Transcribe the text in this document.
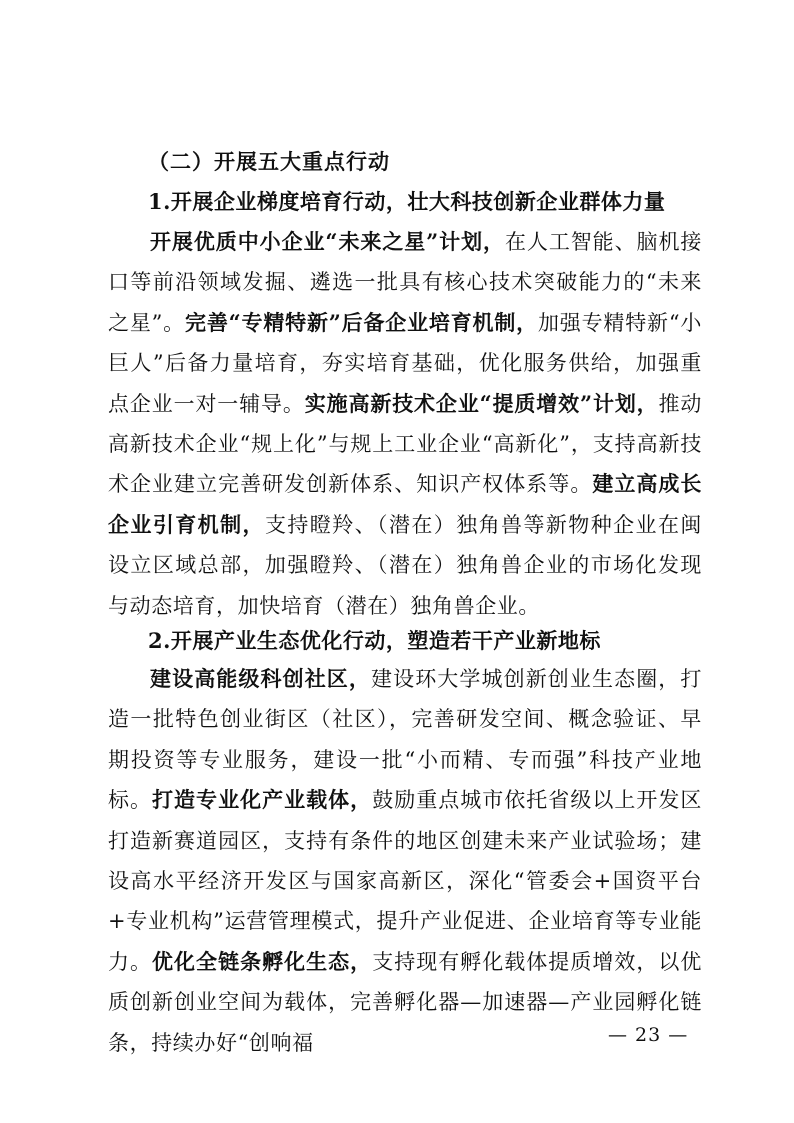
（二）开展五大重点行动
1.开展企业梯度培育行动，壮大科技创新企业群体力量

开展优质中小企业“未来之星”计划，在人工智能、脑机接口等前沿领域发掘、遴选一批具有核心技术突破能力的“未来之星”。完善“专精特新”后备企业培育机制，加强专精特新“小巨人”后备力量培育，夯实培育基础，优化服务供给，加强重点企业一对一辅导。实施高新技术企业“提质增效”计划，推动高新技术企业“规上化”与规上工业企业“高新化”，支持高新技术企业建立完善研发创新体系、知识产权体系等。建立高成长企业引育机制，支持瞪羚、（潜在）独角兽等新物种企业在闽设立区域总部，加强瞪羚、（潜在）独角兽企业的市场化发现与动态培育，加快培育（潜在）独角兽企业。

2.开展产业生态优化行动，塑造若干产业新地标

建设高能级科创社区，建设环大学城创新创业生态圈，打造一批特色创业街区（社区），完善研发空间、概念验证、早期投资等专业服务，建设一批“小而精、专而强”科技产业地标。打造专业化产业载体，鼓励重点城市依托省级以上开发区打造新赛道园区，支持有条件的地区创建未来产业试验场；建设高水平经济开发区与国家高新区，深化“管委会+国资平台+专业机构”运营管理模式，提升产业促进、企业培育等专业能力。优化全链条孵化生态，支持现有孵化载体提质增效，以优质创新创业空间为载体，完善孵化器—加速器—产业园孵化链条，持续办好“创响福	— 23 —
